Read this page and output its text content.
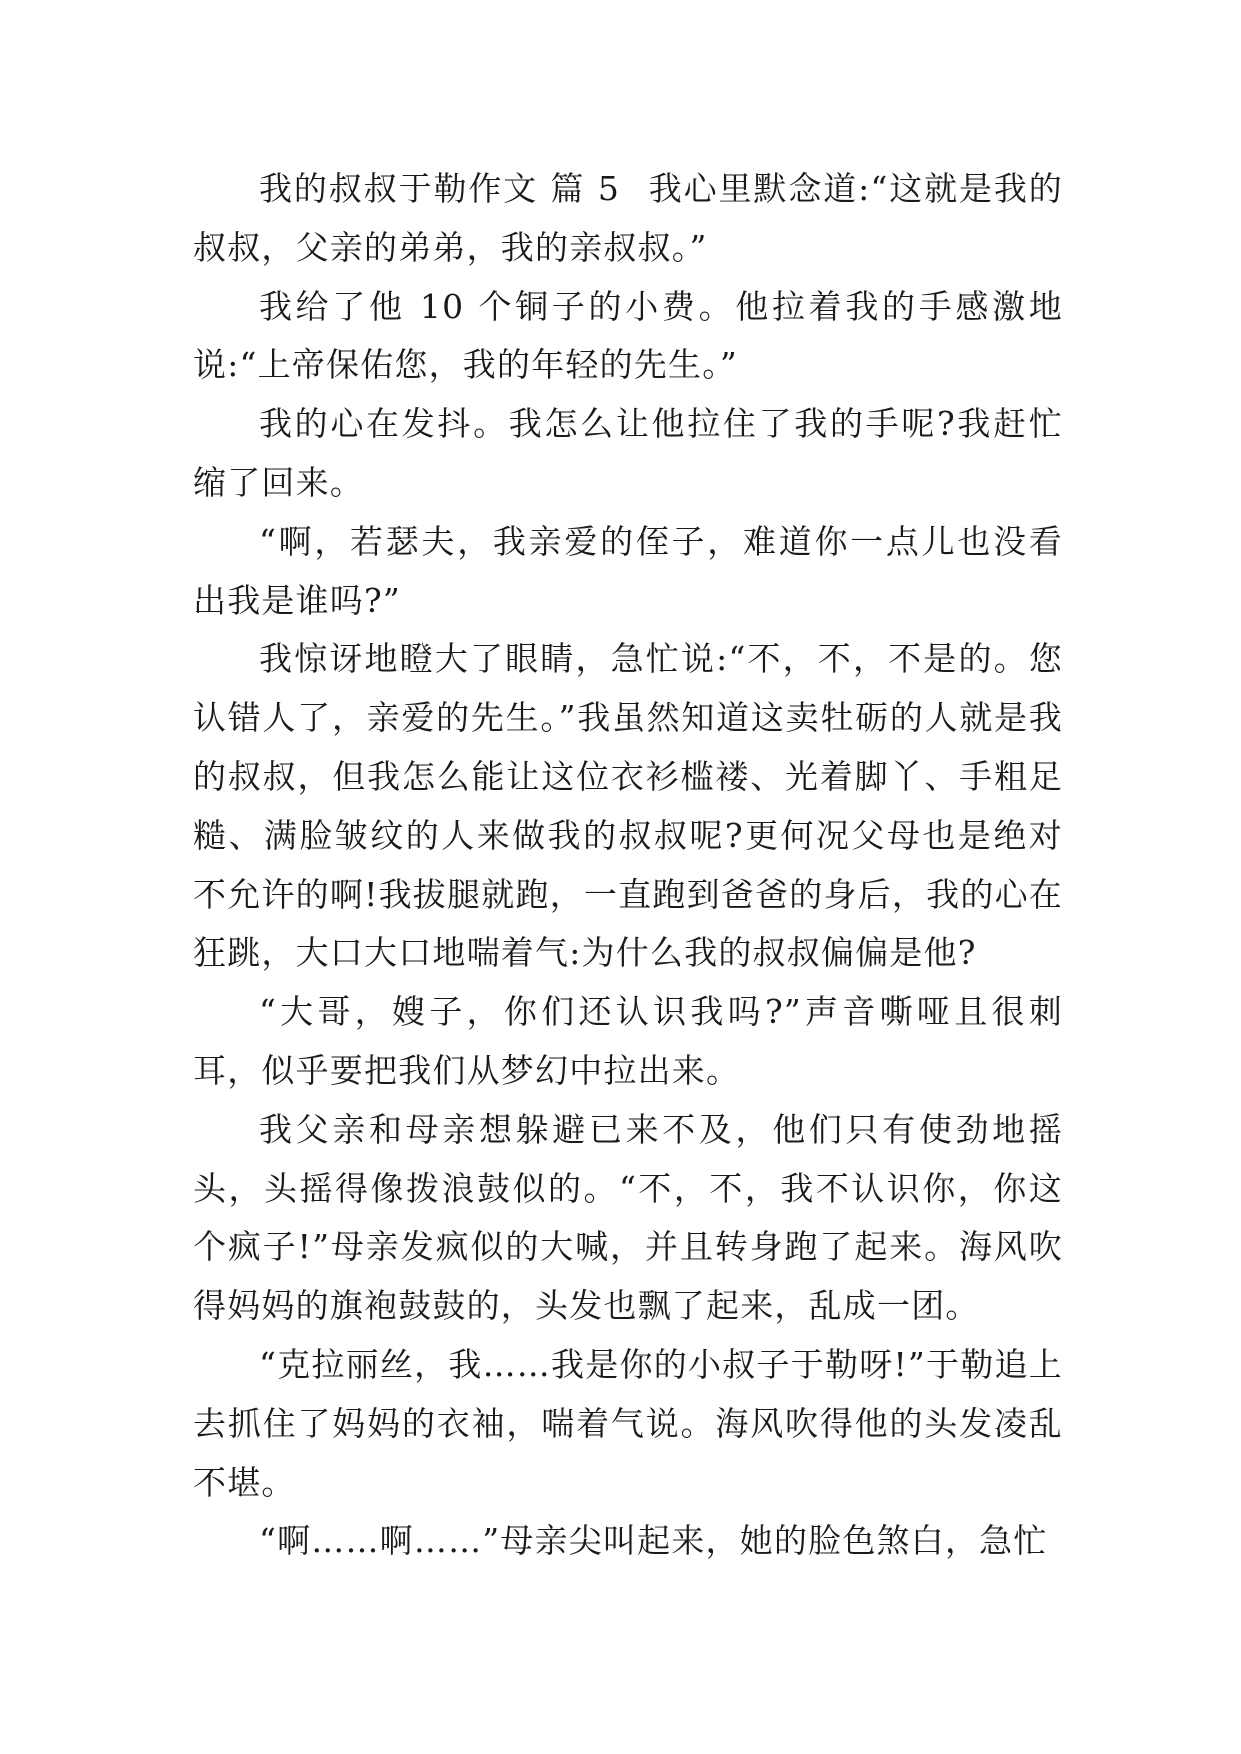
我的叔叔于勒作文 篇 5 我心里默念道:“这就是我的叔叔，父亲的弟弟，我的亲叔叔。”

我给了他 10 个铜子的小费。他拉着我的手感激地说:“上帝保佑您，我的年轻的先生。”

我的心在发抖。我怎么让他拉住了我的手呢?我赶忙缩了回来。

“啊，若瑟夫，我亲爱的侄子，难道你一点儿也没看出我是谁吗?”

我惊讶地瞪大了眼睛，急忙说:“不，不，不是的。您认错人了，亲爱的先生。”我虽然知道这卖牡砺的人就是我的叔叔，但我怎么能让这位衣衫槛褛、光着脚丫、手粗足糙、满脸皱纹的人来做我的叔叔呢?更何况父母也是绝对不允许的啊!我拔腿就跑，一直跑到爸爸的身后，我的心在狂跳，大口大口地喘着气:为什么我的叔叔偏偏是他?

“大哥，嫂子，你们还认识我吗?”声音嘶哑且很刺耳，似乎要把我们从梦幻中拉出来。

我父亲和母亲想躲避已来不及，他们只有使劲地摇头，头摇得像拨浪鼓似的。“不，不，我不认识你，你这个疯子!”母亲发疯似的大喊，并且转身跑了起来。海风吹得妈妈的旗袍鼓鼓的，头发也飘了起来，乱成一团。

“克拉丽丝，我……我是你的小叔子于勒呀!”于勒追上去抓住了妈妈的衣袖，喘着气说。海风吹得他的头发凌乱不堪。

“啊……啊……”母亲尖叫起来，她的脸色煞白，急忙
